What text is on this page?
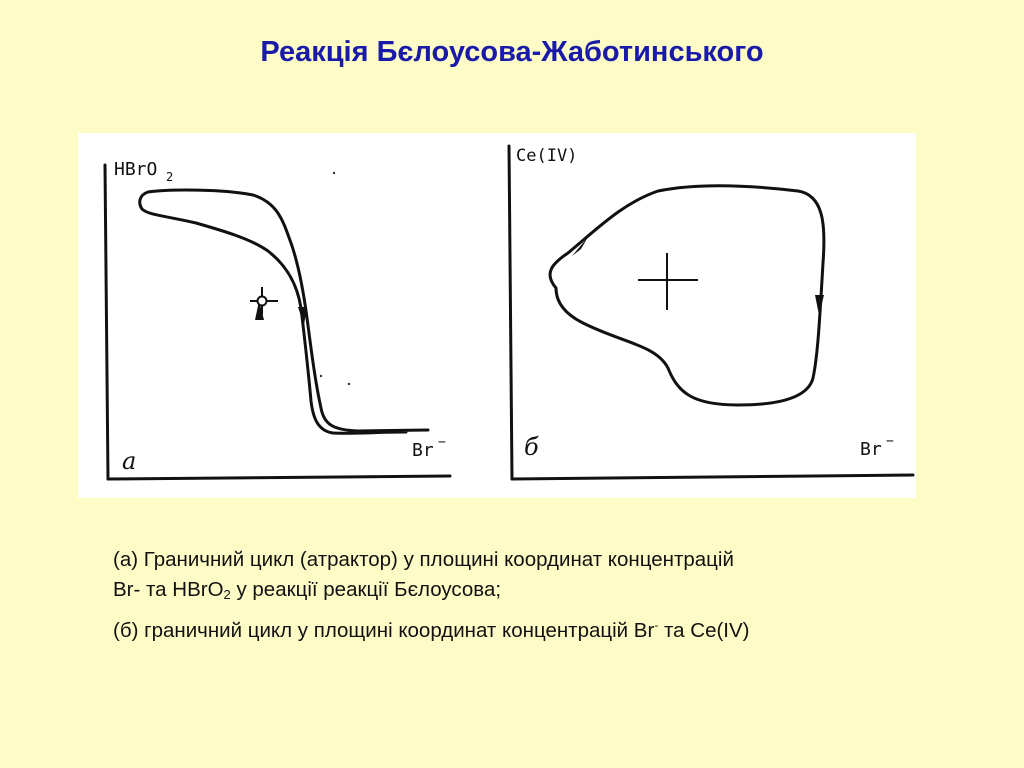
Реакція Бєлоусова-Жаботинського
HBrO 2
Br −
a
Ce(IV)
Br −
б
(а) Граничний цикл (атрактор) у площині координат концентрацій
Br- та HBrO$_2$ у реакції реакції Бєлоусова;
(б) граничний цикл у площині координат концентрацій Br- та Ce(IV)
